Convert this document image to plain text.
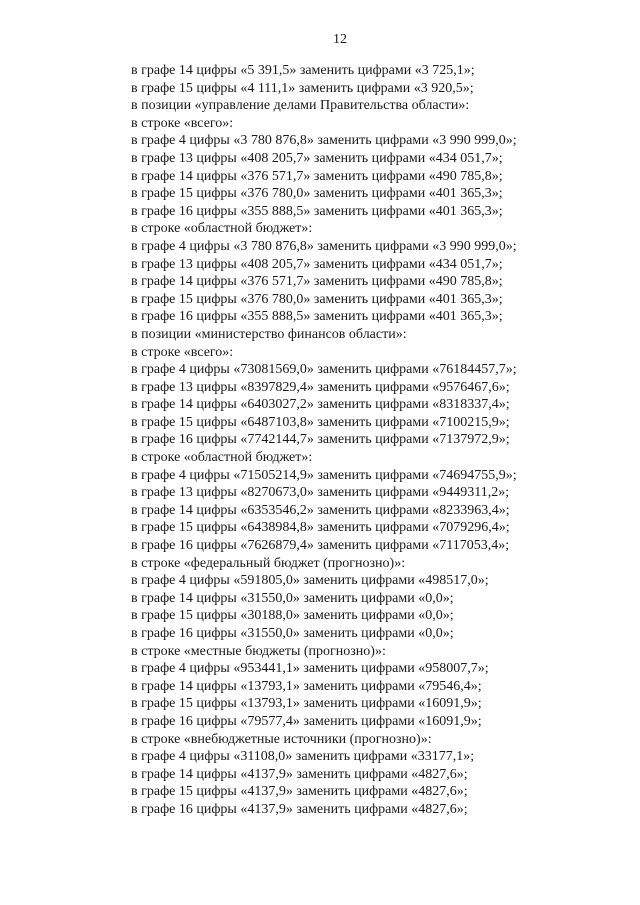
12
в графе 14 цифры «5 391,5» заменить цифрами «3 725,1»;
в графе 15 цифры «4 111,1» заменить цифрами «3 920,5»;
в позиции «управление делами Правительства области»:
в строке «всего»:
в графе 4 цифры «3 780 876,8» заменить цифрами «3 990 999,0»;
в графе 13 цифры «408 205,7» заменить цифрами «434 051,7»;
в графе 14 цифры «376 571,7» заменить цифрами «490 785,8»;
в графе 15 цифры «376 780,0» заменить цифрами «401 365,3»;
в графе 16 цифры «355 888,5» заменить цифрами «401 365,3»;
в строке «областной бюджет»:
в графе 4 цифры «3 780 876,8» заменить цифрами «3 990 999,0»;
в графе 13 цифры «408 205,7» заменить цифрами «434 051,7»;
в графе 14 цифры «376 571,7» заменить цифрами «490 785,8»;
в графе 15 цифры «376 780,0» заменить цифрами «401 365,3»;
в графе 16 цифры «355 888,5» заменить цифрами «401 365,3»;
в позиции «министерство финансов области»:
в строке «всего»:
в графе 4 цифры «73081569,0» заменить цифрами «76184457,7»;
в графе 13 цифры «8397829,4» заменить цифрами «9576467,6»;
в графе 14 цифры «6403027,2» заменить цифрами «8318337,4»;
в графе 15 цифры «6487103,8» заменить цифрами «7100215,9»;
в графе 16 цифры «7742144,7» заменить цифрами «7137972,9»;
в строке «областной бюджет»:
в графе 4 цифры «71505214,9» заменить цифрами «74694755,9»;
в графе 13 цифры «8270673,0» заменить цифрами «9449311,2»;
в графе 14 цифры «6353546,2» заменить цифрами «8233963,4»;
в графе 15 цифры «6438984,8» заменить цифрами «7079296,4»;
в графе 16 цифры «7626879,4» заменить цифрами «7117053,4»;
в строке «федеральный бюджет (прогнозно)»:
в графе 4 цифры «591805,0» заменить цифрами «498517,0»;
в графе 14 цифры «31550,0» заменить цифрами «0,0»;
в графе 15 цифры «30188,0» заменить цифрами «0,0»;
в графе 16 цифры «31550,0» заменить цифрами «0,0»;
в строке «местные бюджеты (прогнозно)»:
в графе 4 цифры «953441,1» заменить цифрами «958007,7»;
в графе 14 цифры «13793,1» заменить цифрами «79546,4»;
в графе 15 цифры «13793,1» заменить цифрами «16091,9»;
в графе 16 цифры «79577,4» заменить цифрами «16091,9»;
в строке «внебюджетные источники (прогнозно)»:
в графе 4 цифры «31108,0» заменить цифрами «33177,1»;
в графе 14 цифры «4137,9» заменить цифрами «4827,6»;
в графе 15 цифры «4137,9» заменить цифрами «4827,6»;
в графе 16 цифры «4137,9» заменить цифрами «4827,6»;
